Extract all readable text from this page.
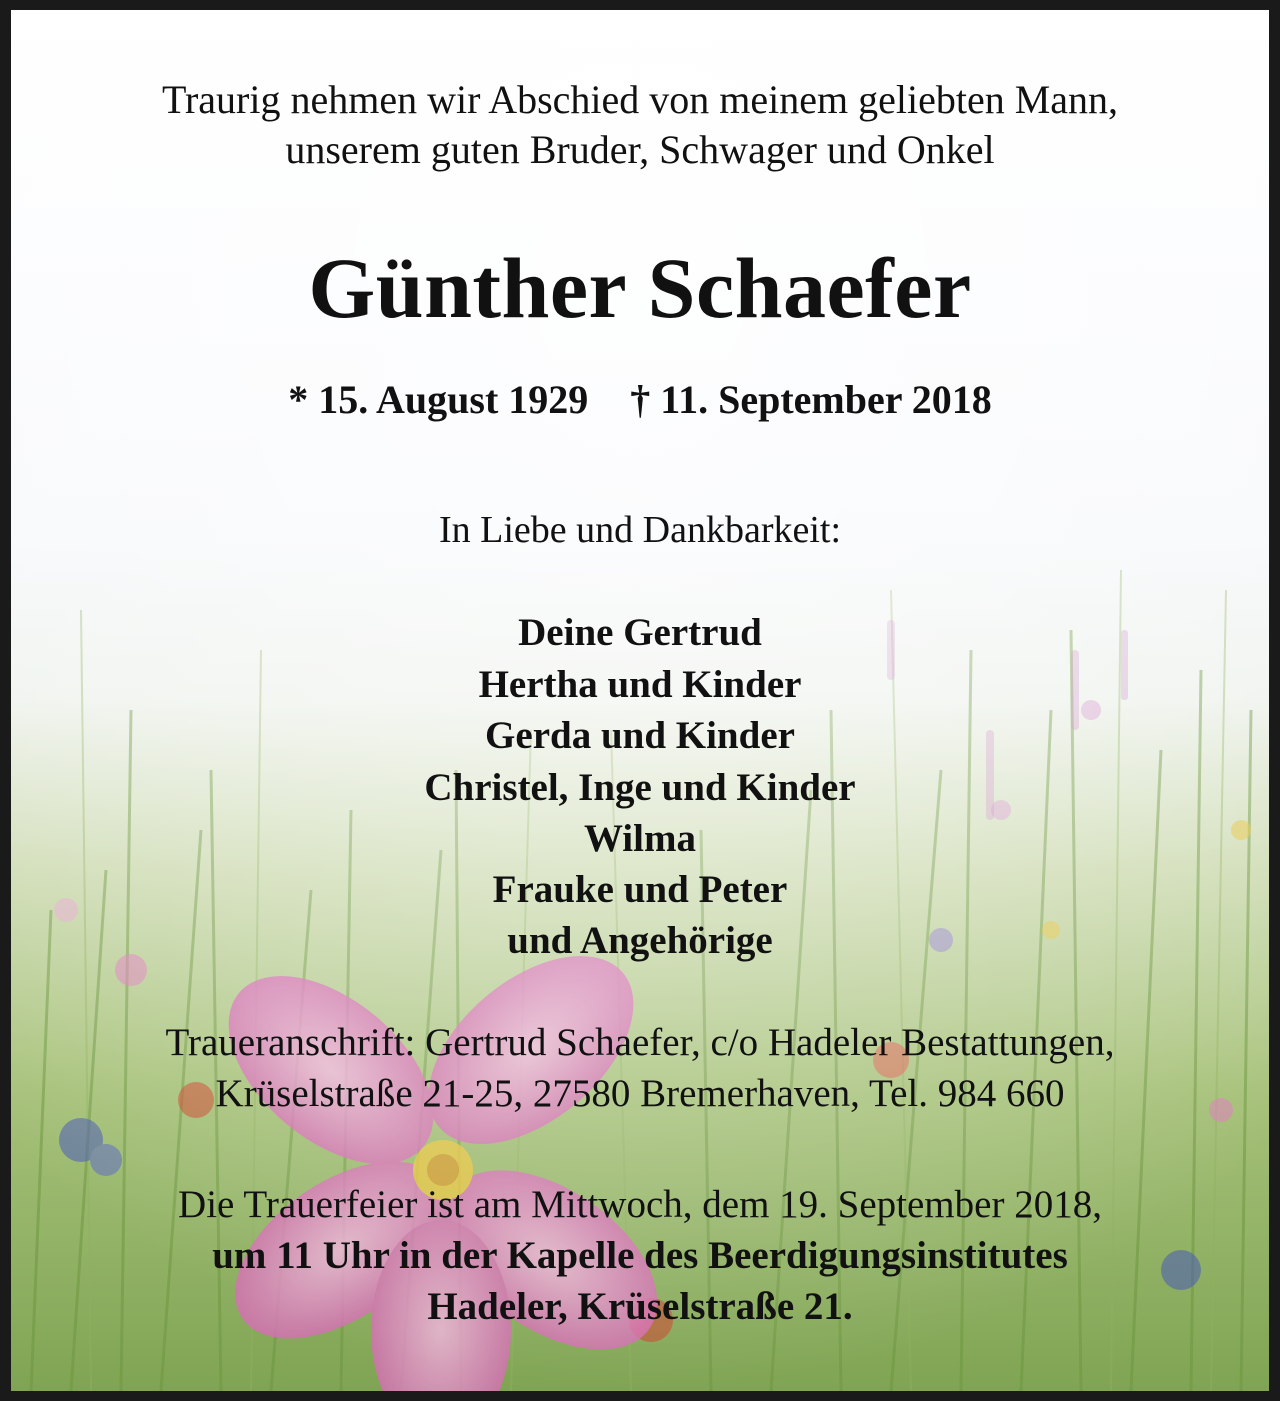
Traurig nehmen wir Abschied von meinem geliebten Mann,
unserem guten Bruder, Schwager und Onkel
Günther Schaefer
* 15. August 1929 † 11. September 2018
In Liebe und Dankbarkeit:
Deine Gertrud
Hertha und Kinder
Gerda und Kinder
Christel, Inge und Kinder
Wilma
Frauke und Peter
und Angehörige
Traueranschrift: Gertrud Schaefer, c/o Hadeler Bestattungen,
Krüselstraße 21-25, 27580 Bremerhaven, Tel. 984 660
Die Trauerfeier ist am Mittwoch, dem 19. September 2018,
um 11 Uhr in der Kapelle des Beerdigungsinstitutes
Hadeler, Krüselstraße 21.
